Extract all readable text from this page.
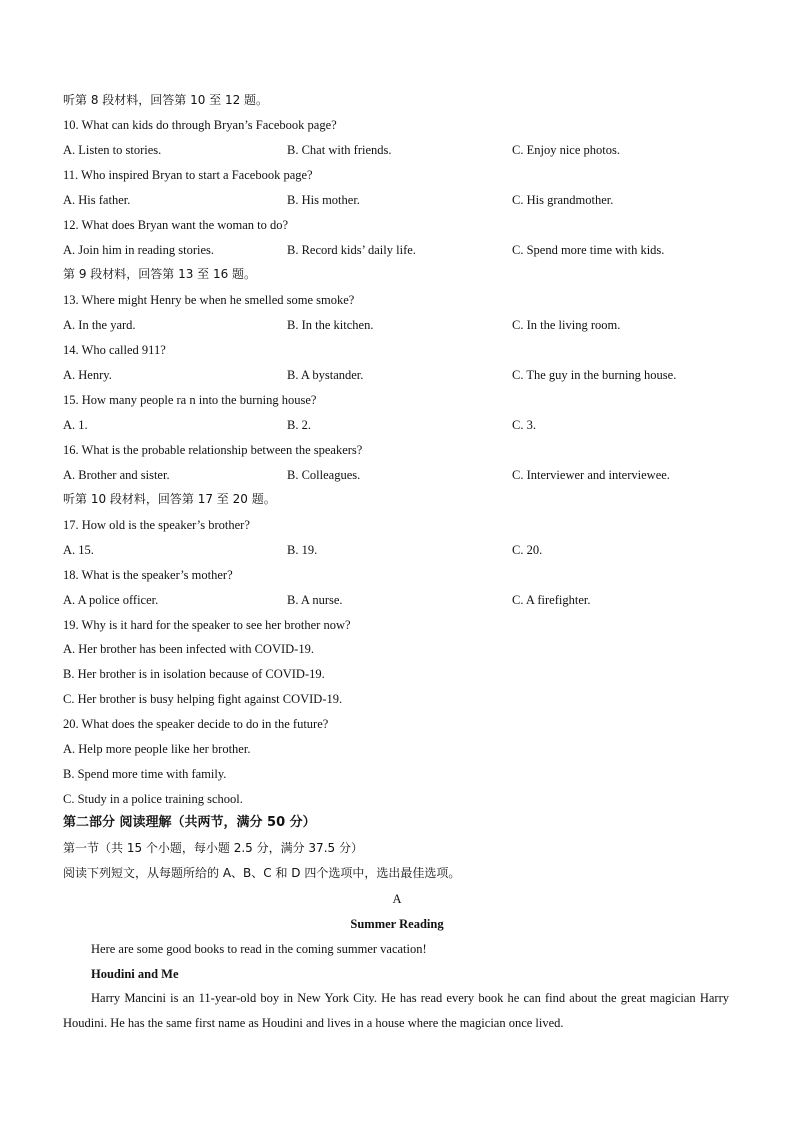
听第 8 段材料，回答第 10 至 12 题。
10. What can kids do through Bryan’s Facebook page?
A. Listen to stories.	B. Chat with friends.	C. Enjoy nice photos.
11. Who inspired Bryan to start a Facebook page?
A. His father.	B. His mother.	C. His grandmother.
12. What does Bryan want the woman to do?
A. Join him in reading stories.	B. Record kids’ daily life.	C. Spend more time with kids.
第 9 段材料，回答第 13 至 16 题。
13. Where might Henry be when he smelled some smoke?
A. In the yard.	B. In the kitchen.	C. In the living room.
14. Who called 911?
A. Henry.	B. A bystander.	C. The guy in the burning house.
15. How many people ra n into the burning house?
A. 1.	B. 2.	C. 3.
16. What is the probable relationship between the speakers?
A. Brother and sister.	B. Colleagues.	C. Interviewer and interviewee.
听第 10 段材料，回答第 17 至 20 题。
17. How old is the speaker’s brother?
A. 15.	B. 19.	C. 20.
18. What is the speaker’s mother?
A. A police officer.	B. A nurse.	C. A firefighter.
19. Why is it hard for the speaker to see her brother now?
A. Her brother has been infected with COVID-19.
B. Her brother is in isolation because of COVID-19.
C. Her brother is busy helping fight against COVID-19.
20. What does the speaker decide to do in the future?
A. Help more people like her brother.
B. Spend more time with family.
C. Study in a police training school.
第二部分 阅读理解（共两节，满分 50 分）
第一节（共 15 个小题，每小题 2.5 分，满分 37.5 分）
阅读下列短文，从每题所给的 A、B、C 和 D 四个选项中，选出最佳选项。
A
Summer Reading
Here are some good books to read in the coming summer vacation!
Houdini and Me

Harry Mancini is an 11-year-old boy in New York City. He has read every book he can find about the great magician Harry Houdini. He has the same first name as Houdini and lives in a house where the magician once lived.
